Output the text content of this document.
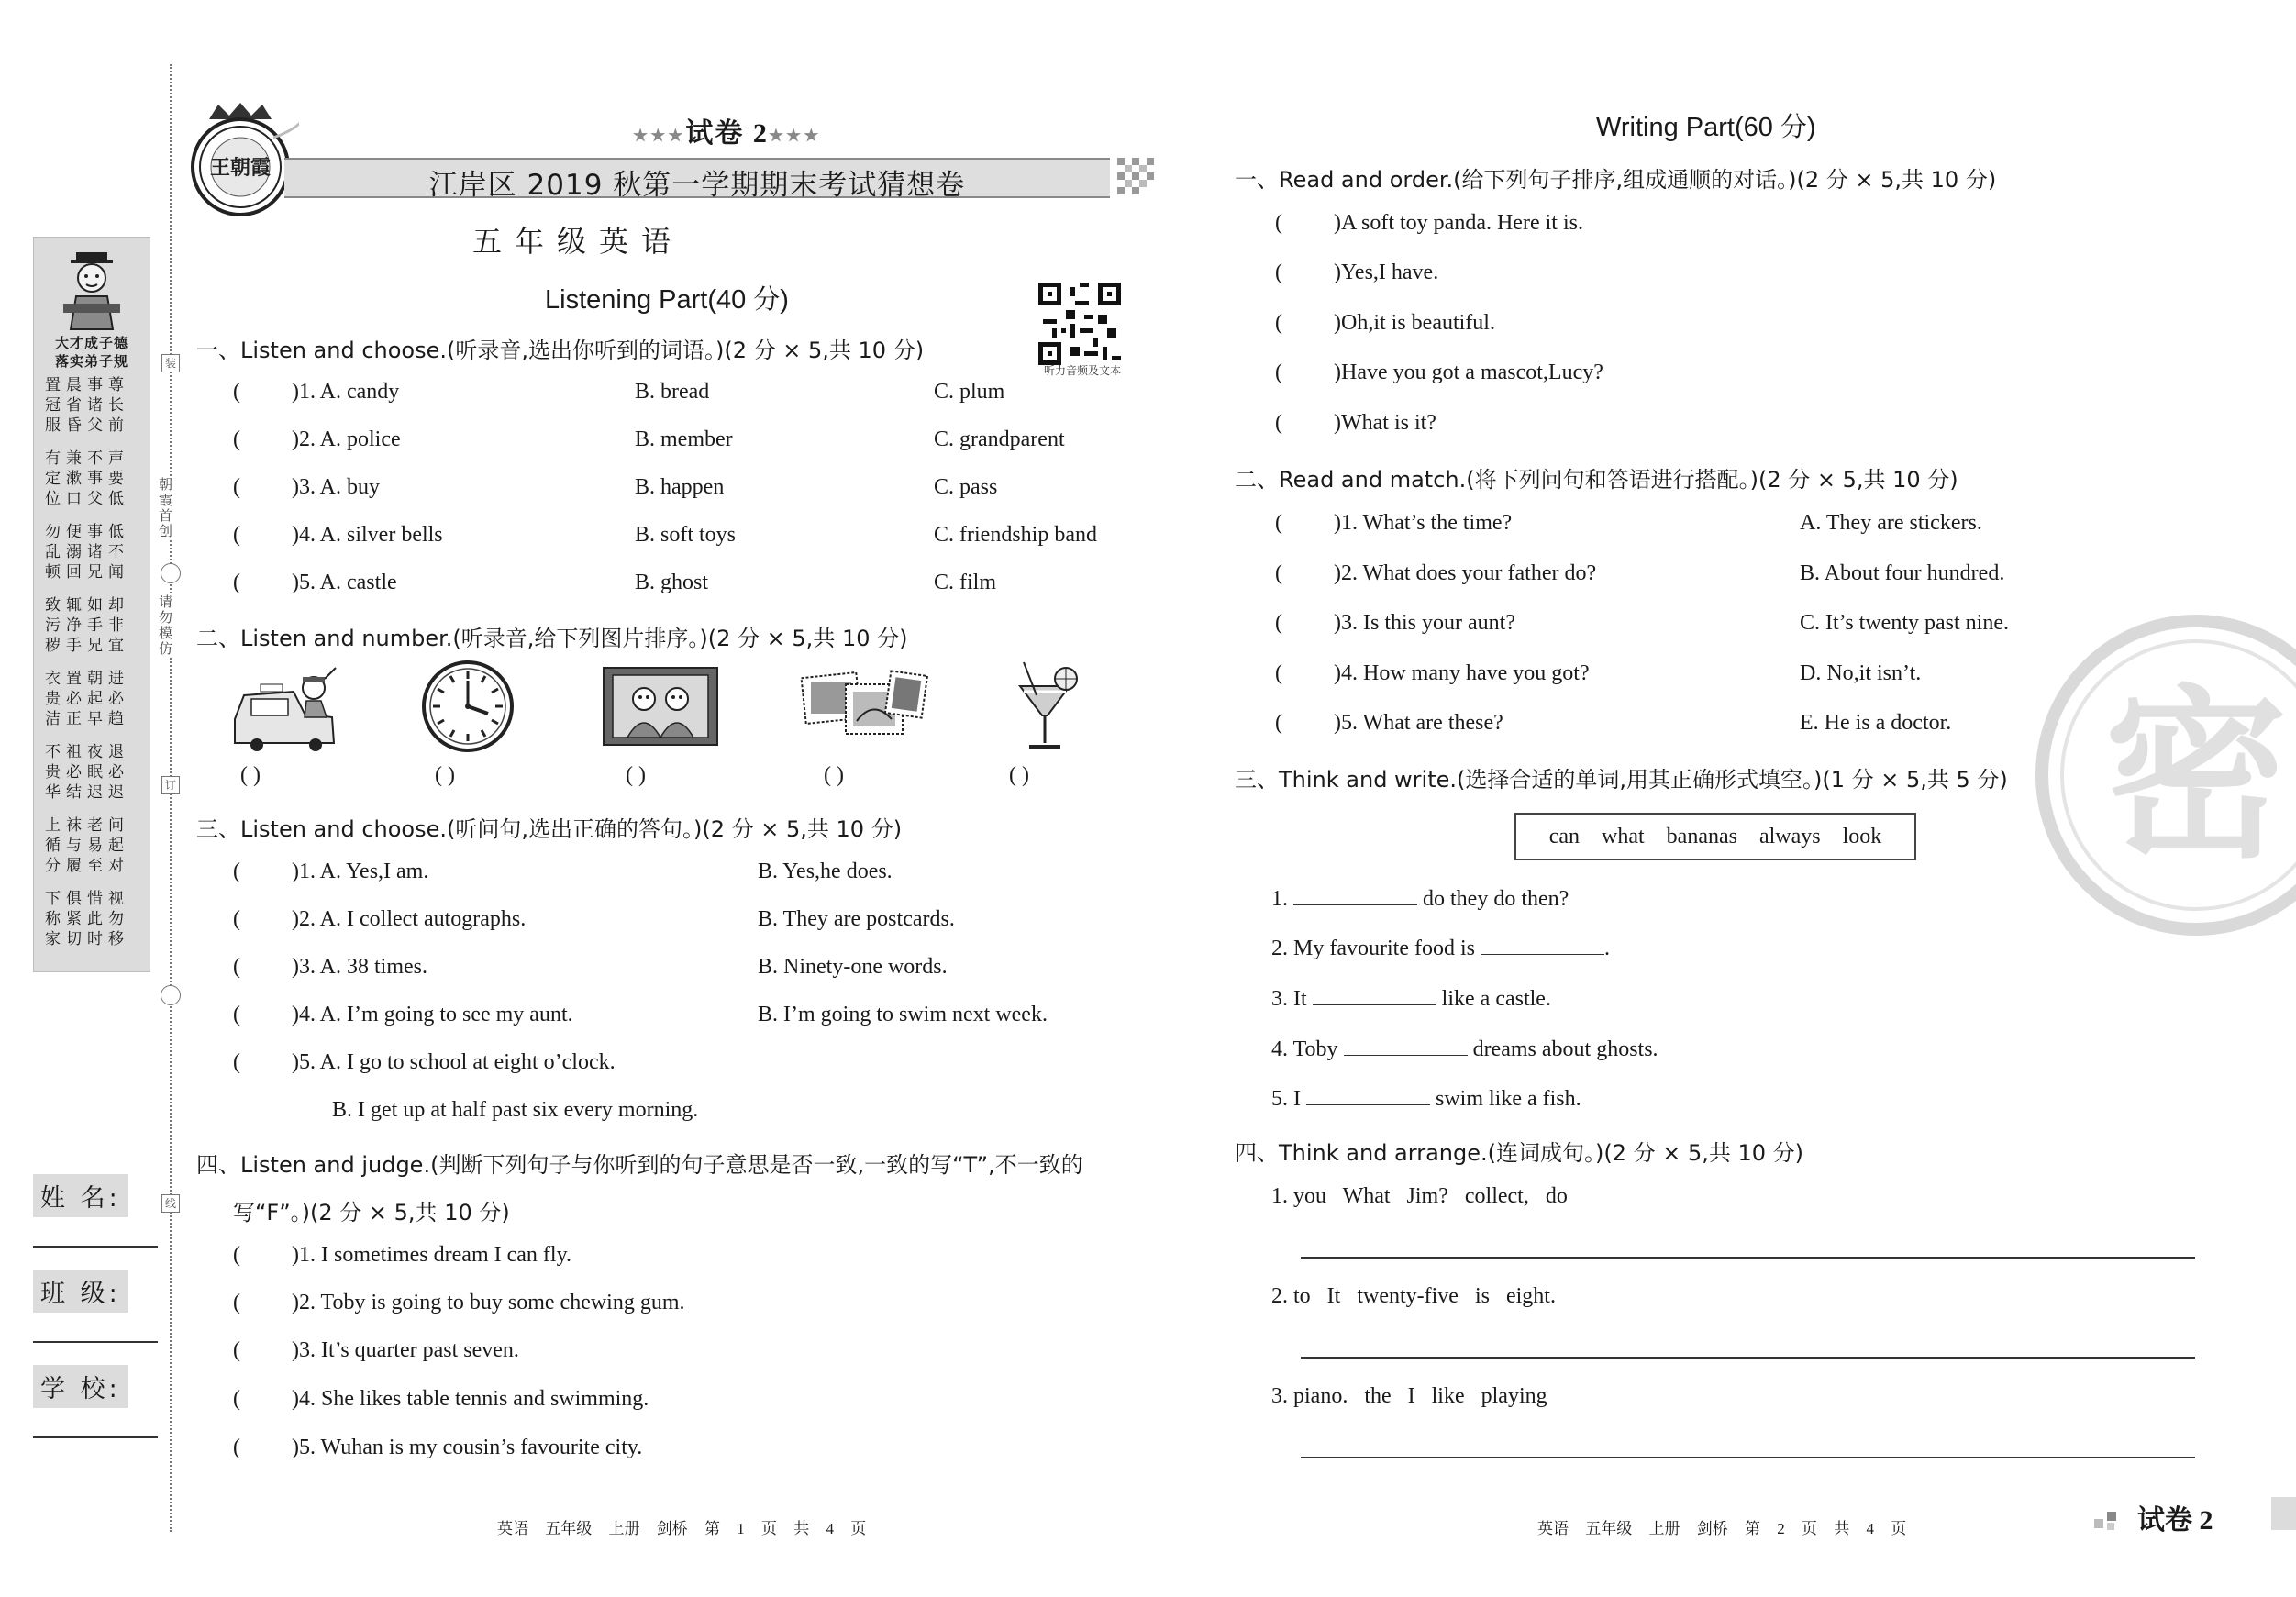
大才成子德
落实弟子规
置晨事尊
冠省诸长
服昏父前
有兼不声
定漱事要
位口父低
勿便事低
乱溺诸不
顿回兄闻
致辄如却
污净手非
秽手兄宜
衣置朝进
贵必起必
洁正早趋
不祖夜退
贵必眠必
华结迟迟
上袜老问
循与易起
分履至对
下俱惜视
称紧此勿
家切时移
姓 名:
班 级:
学 校:
装
朝霞首创
请勿模仿
订
线
王朝霞
★★★试卷 2★★★
江岸区 2019 秋第一学期期末考试猜想卷
五年级英语
Listening Part(40 分)
听力音频及文本
一、Listen and choose.(听录音,选出你听到的词语。)(2 分 × 5,共 10 分)
( )1. A. candy	B. bread	C. plum
( )2. A. police	B. member	C. grandparent
( )3. A. buy	B. happen	C. pass
( )4. A. silver bells	B. soft toys	C. friendship band
( )5. A. castle	B. ghost	C. film
二、Listen and number.(听录音,给下列图片排序。)(2 分 × 5,共 10 分)
( )	( )	( )	( )	( )
三、Listen and choose.(听问句,选出正确的答句。)(2 分 × 5,共 10 分)
( )1. A. Yes,I am.	B. Yes,he does.
( )2. A. I collect autographs.	B. They are postcards.
( )3. A. 38 times.	B. Ninety-one words.
( )4. A. I’m going to see my aunt.	B. I’m going to swim next week.
( )5. A. I go to school at eight o’clock.
B. I get up at half past six every morning.
四、Listen and judge.(判断下列句子与你听到的句子意思是否一致,一致的写“T”,不一致的
写“F”。)(2 分 × 5,共 10 分)
( )1. I sometimes dream I can fly.
( )2. Toby is going to buy some chewing gum.
( )3. It’s quarter past seven.
( )4. She likes table tennis and swimming.
( )5. Wuhan is my cousin’s favourite city.
英语 五年级 上册 剑桥 第 1 页 共 4 页
密
Writing Part(60 分)
一、Read and order.(给下列句子排序,组成通顺的对话。)(2 分 × 5,共 10 分)
( )A soft toy panda. Here it is.
( )Yes,I have.
( )Oh,it is beautiful.
( )Have you got a mascot,Lucy?
( )What is it?
二、Read and match.(将下列问句和答语进行搭配。)(2 分 × 5,共 10 分)
( )1. What’s the time?	A. They are stickers.
( )2. What does your father do?	B. About four hundred.
( )3. Is this your aunt?	C. It’s twenty past nine.
( )4. How many have you got?	D. No,it isn’t.
( )5. What are these?	E. He is a doctor.
三、Think and write.(选择合适的单词,用其正确形式填空。)(1 分 × 5,共 5 分)
can what bananas always look
1.	do they do then?
2. My favourite food is	.
3. It	like a castle.
4. Toby	dreams about ghosts.
5. I	swim like a fish.
四、Think and arrange.(连词成句。)(2 分 × 5,共 10 分)
1. you   What   Jim?   collect,   do
2. to   It   twenty-five   is   eight.
3. piano.   the   I   like   playing
英语 五年级 上册 剑桥 第 2 页 共 4 页	试卷 2
